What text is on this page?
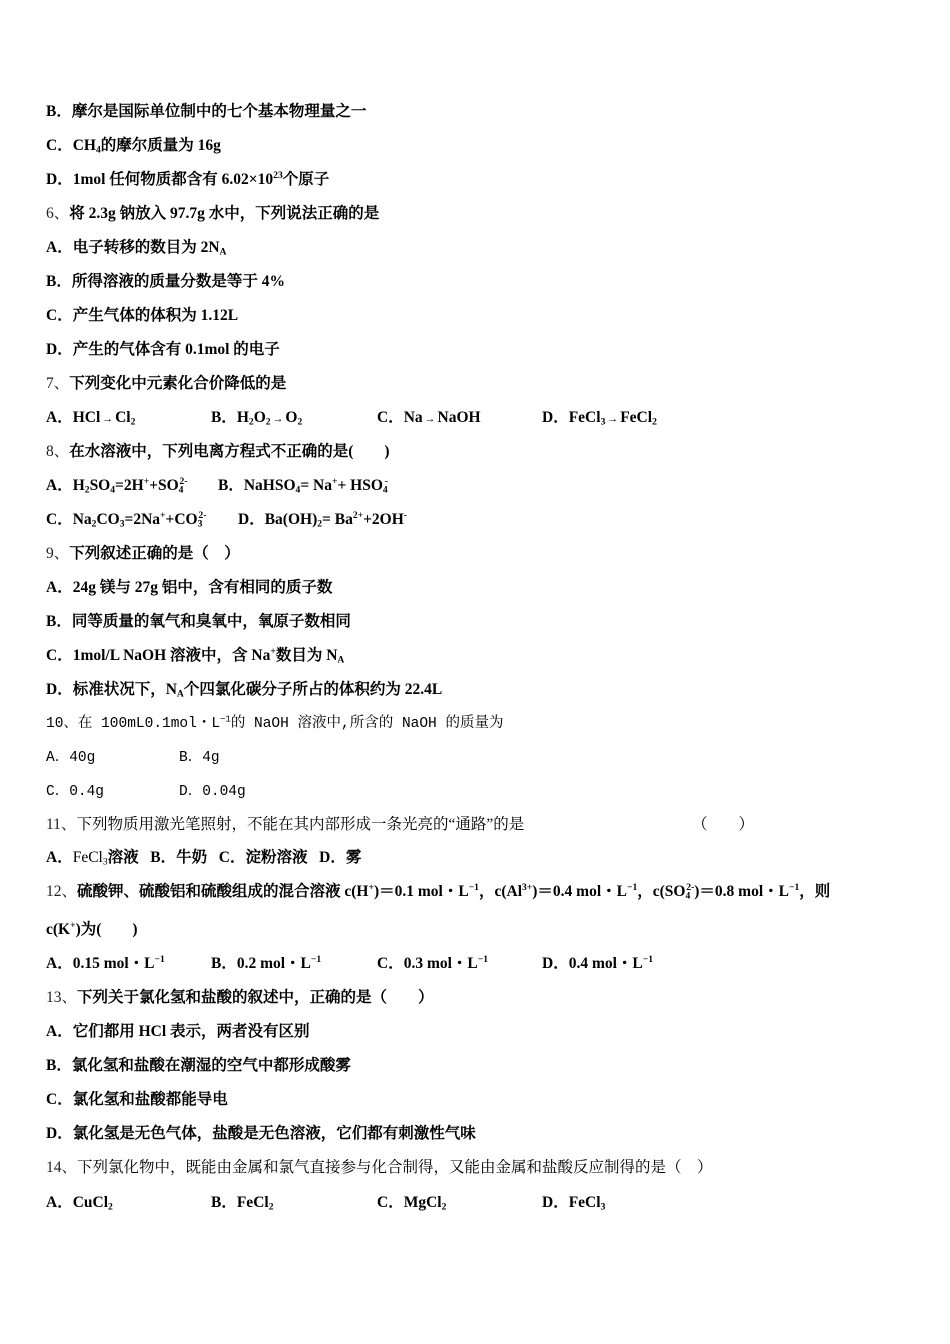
B．摩尔是国际单位制中的七个基本物理量之一
C．$CH_4$的摩尔质量为 16g
D．1mol 任何物质都含有 $6.02\times 10^{23}$个原子
6、将 2.3g 钠放入 97.7g 水中，下列说法正确的是
A．电子转移的数目为 $2N_A$
B．所得溶液的质量分数是等于 4%
C．产生气体的体积为 1.12L
D．产生的气体含有 0.1mol 的电子
7、下列变化中元素化合价降低的是
A．HCl → $Cl_2$	B．$H_2O_2 \to O_2$	C．Na → NaOH	D．FeCl$_3$ → FeCl$_2$
8、在水溶液中，下列电离方程式不正确的是(　　)
A．$H_2SO_4=2H^++SO_4^{2-}$ B．NaHSO$_4$= $Na^++ HSO_4^-$
C．$Na_2CO_3=2Na^++CO_3^{2-}$ D．$Ba(OH)_2= Ba^{2+}+2OH^-$
9、下列叙述正确的是（　）
A．24g 镁与 27g 铝中，含有相同的质子数
B．同等质量的氧气和臭氧中，氧原子数相同
C．1mol/L NaOH 溶液中，含 Na+数目为 $N_A$
D．标准状况下，$N_A$个四氯化碳分子所占的体积约为 22.4L
10、在 100mL0.1mol・$L^{-1}$的 NaOH 溶液中,所含的 NaOH 的质量为
A．40g	B．4g
C．0.4g	D．0.04g
11、下列物质用激光笔照射，不能在其内部形成一条光亮的“通路”的是	（　　）
A．FeCl$_3$溶液 B．牛奶 C．淀粉溶液 D．雾
12、硫酸钾、硫酸铝和硫酸组成的混合溶液 c(H+)＝0.1 mol・$L^{-1}$，$c(Al^{3+})=0.4$ mol・$L^{-1}$，$c(SO_4^{2-})=0.8$ mol・$L^{-1}$，则
c(K+)为(　　)
A．0.15 mol・$L^{-1}$	B．0.2 mol・$L^{-1}$	C．0.3 mol・$L^{-1}$	D．0.4 mol・$L^{-1}$
13、下列关于氯化氢和盐酸的叙述中，正确的是（　　）
A．它们都用 HCl 表示，两者没有区别
B．氯化氢和盐酸在潮湿的空气中都形成酸雾
C．氯化氢和盐酸都能导电
D．氯化氢是无色气体，盐酸是无色溶液，它们都有刺激性气味
14、下列氯化物中，既能由金属和氯气直接参与化合制得，又能由金属和盐酸反应制得的是（　）
A．CuCl$_2$	B．FeCl$_2$	C．MgCl$_2$	D．FeCl$_3$
